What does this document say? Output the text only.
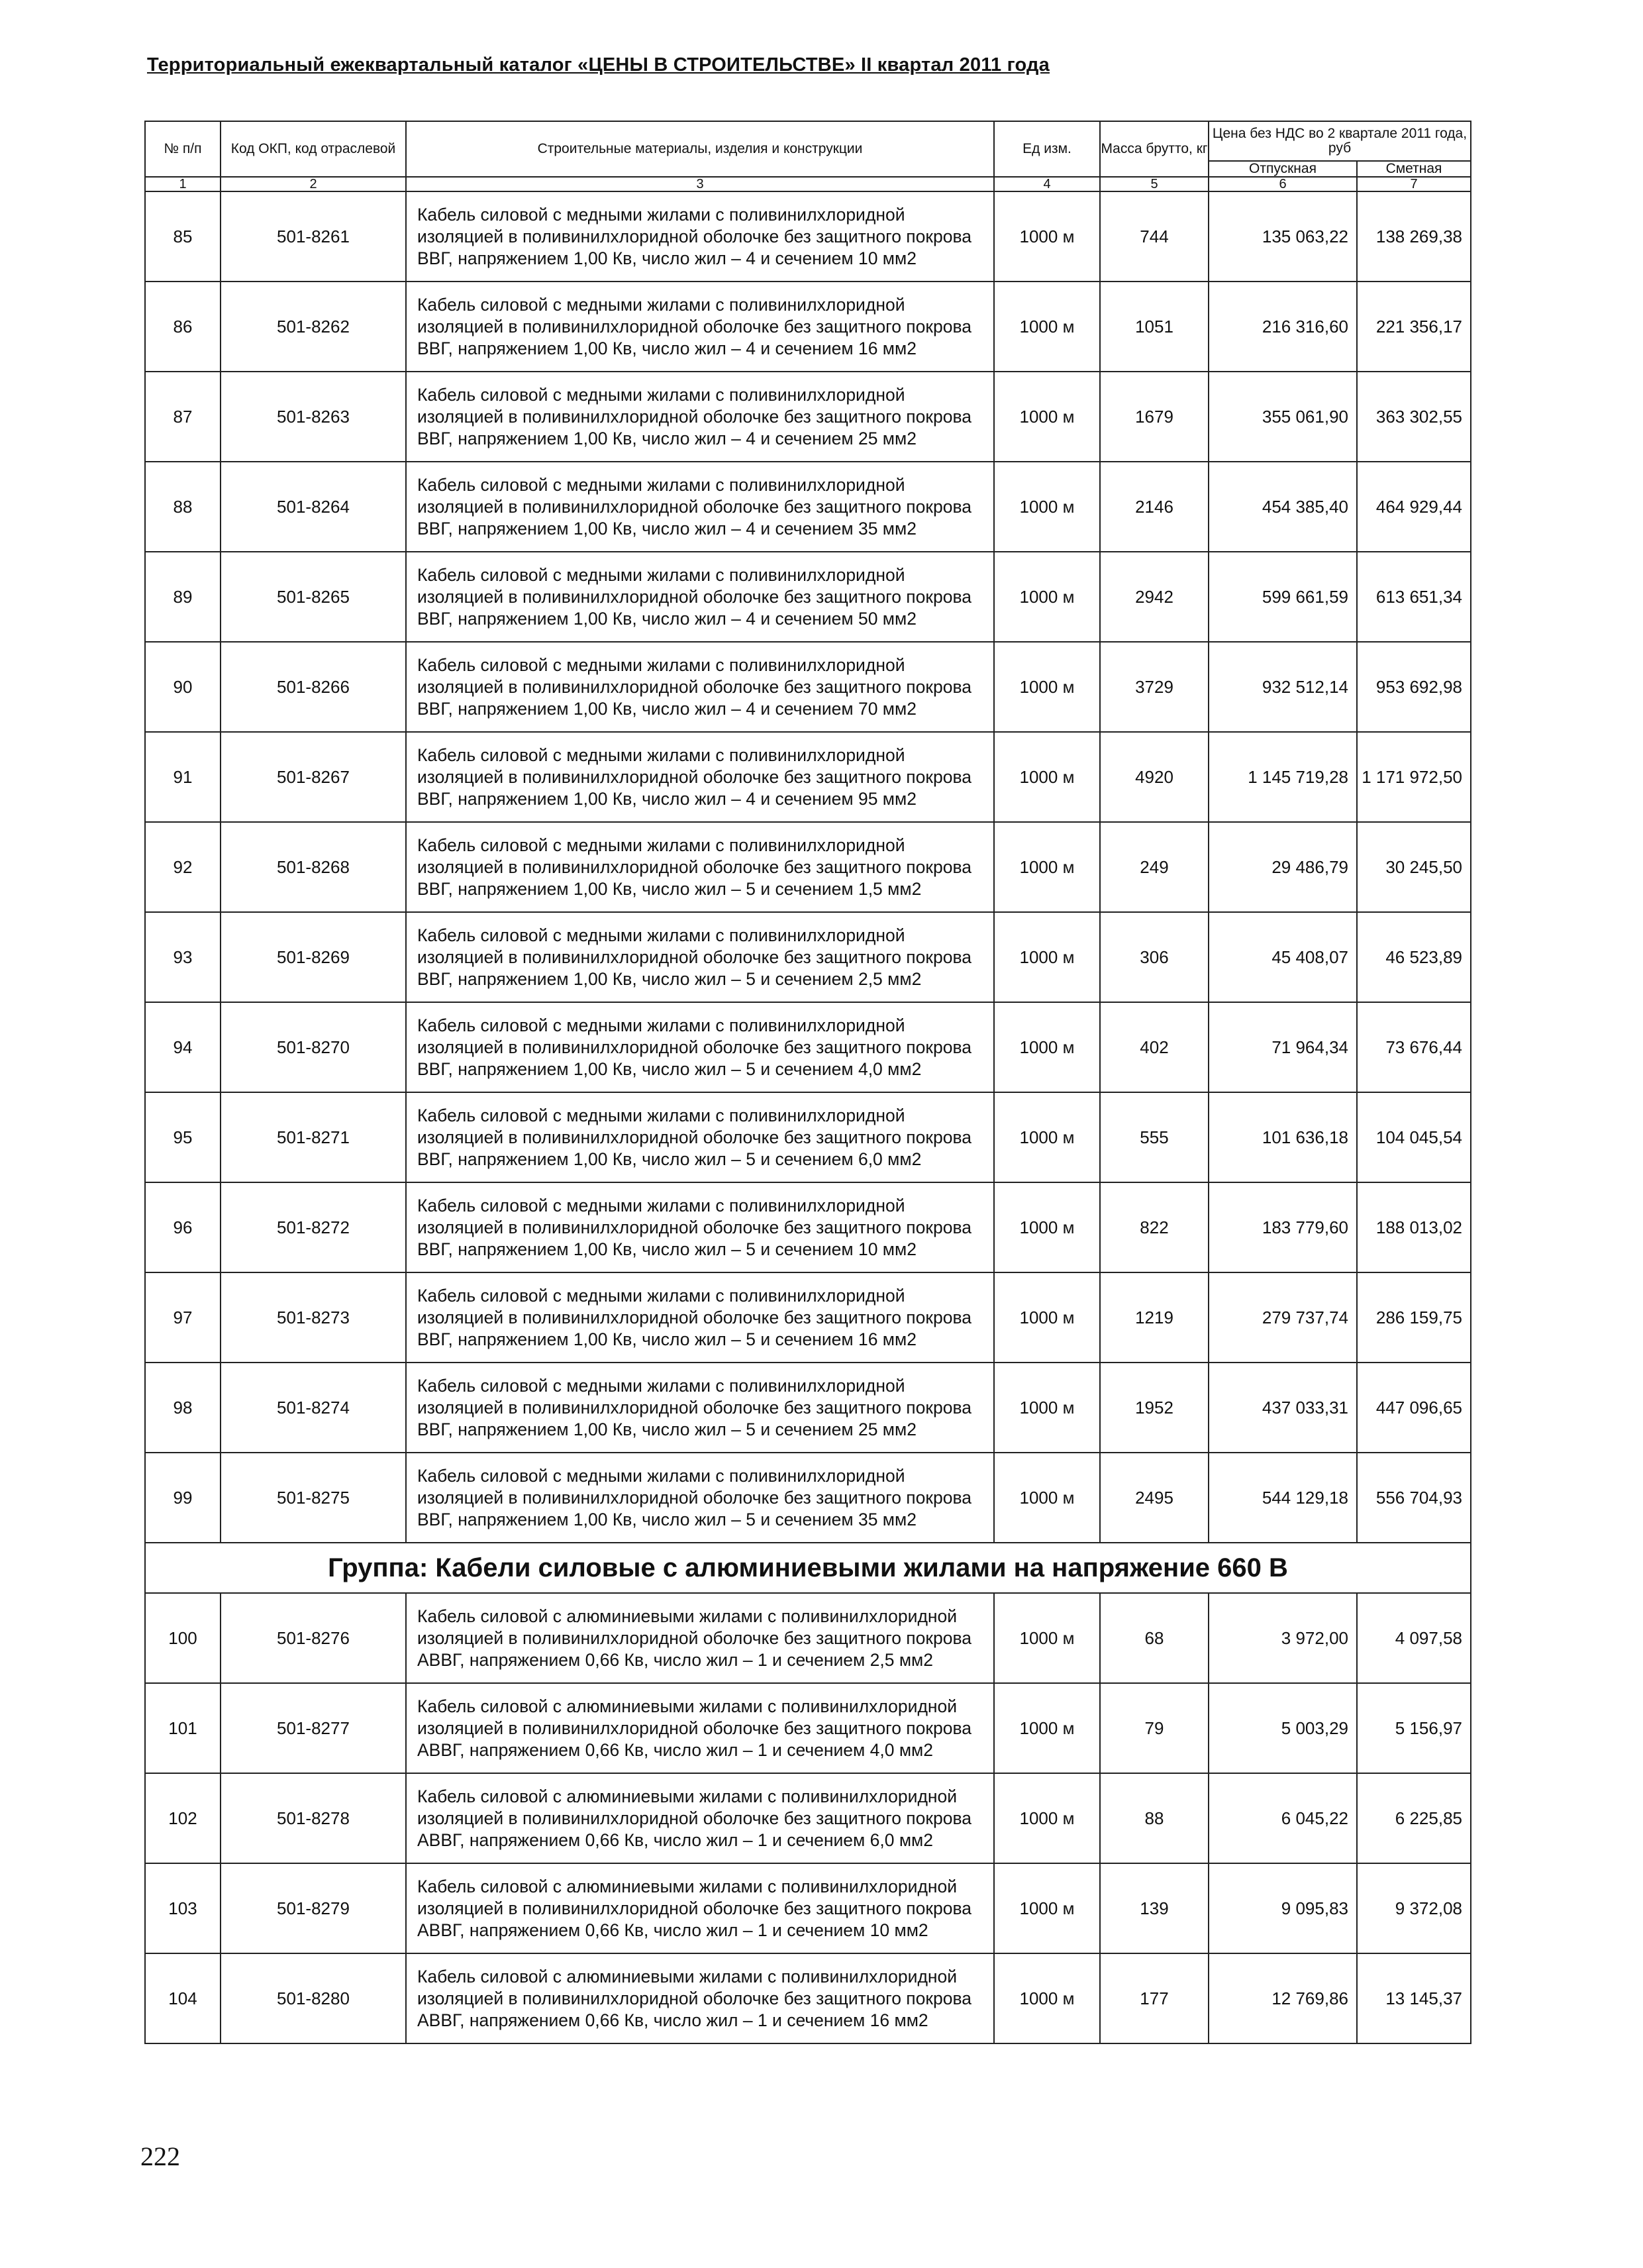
Территориальный ежеквартальный каталог «ЦЕНЫ В СТРОИТЕЛЬСТВЕ» II квартал 2011 года
№ п/п	Код ОКП, код отраслевой	Строительные материалы, изделия и конструкции	Ед изм.	Масса брутто, кг	Цена без НДС во 2 квартале 2011 года, руб	
					Отпускная	Сметная
1	2	3	4	5	6	7
85	501-8261	Кабель силовой с медными жилами с поливинилхлоридной изоляцией в поливинилхлоридной оболочке без защитного покрова ВВГ, напряжением 1,00 Кв, число жил – 4 и сечением 10 мм2	1000 м	744	135 063,22	138 269,38
86	501-8262	Кабель силовой с медными жилами с поливинилхлоридной изоляцией в поливинилхлоридной оболочке без защитного покрова ВВГ, напряжением 1,00 Кв, число жил – 4 и сечением 16 мм2	1000 м	1051	216 316,60	221 356,17
87	501-8263	Кабель силовой с медными жилами с поливинилхлоридной изоляцией в поливинилхлоридной оболочке без защитного покрова ВВГ, напряжением 1,00 Кв, число жил – 4 и сечением 25 мм2	1000 м	1679	355 061,90	363 302,55
88	501-8264	Кабель силовой с медными жилами с поливинилхлоридной изоляцией в поливинилхлоридной оболочке без защитного покрова ВВГ, напряжением 1,00 Кв, число жил – 4 и сечением 35 мм2	1000 м	2146	454 385,40	464 929,44
89	501-8265	Кабель силовой с медными жилами с поливинилхлоридной изоляцией в поливинилхлоридной оболочке без защитного покрова ВВГ, напряжением 1,00 Кв, число жил – 4 и сечением 50 мм2	1000 м	2942	599 661,59	613 651,34
90	501-8266	Кабель силовой с медными жилами с поливинилхлоридной изоляцией в поливинилхлоридной оболочке без защитного покрова ВВГ, напряжением 1,00 Кв, число жил – 4 и сечением 70 мм2	1000 м	3729	932 512,14	953 692,98
91	501-8267	Кабель силовой с медными жилами с поливинилхлоридной изоляцией в поливинилхлоридной оболочке без защитного покрова ВВГ, напряжением 1,00 Кв, число жил – 4 и сечением 95 мм2	1000 м	4920	1 145 719,28	1 171 972,50
92	501-8268	Кабель силовой с медными жилами с поливинилхлоридной изоляцией в поливинилхлоридной оболочке без защитного покрова ВВГ, напряжением 1,00 Кв, число жил – 5 и сечением 1,5 мм2	1000 м	249	29 486,79	30 245,50
93	501-8269	Кабель силовой с медными жилами с поливинилхлоридной изоляцией в поливинилхлоридной оболочке без защитного покрова ВВГ, напряжением 1,00 Кв, число жил – 5 и сечением 2,5 мм2	1000 м	306	45 408,07	46 523,89
94	501-8270	Кабель силовой с медными жилами с поливинилхлоридной изоляцией в поливинилхлоридной оболочке без защитного покрова ВВГ, напряжением 1,00 Кв, число жил – 5 и сечением 4,0 мм2	1000 м	402	71 964,34	73 676,44
95	501-8271	Кабель силовой с медными жилами с поливинилхлоридной изоляцией в поливинилхлоридной оболочке без защитного покрова ВВГ, напряжением 1,00 Кв, число жил – 5 и сечением 6,0 мм2	1000 м	555	101 636,18	104 045,54
96	501-8272	Кабель силовой с медными жилами с поливинилхлоридной изоляцией в поливинилхлоридной оболочке без защитного покрова ВВГ, напряжением 1,00 Кв, число жил – 5 и сечением 10 мм2	1000 м	822	183 779,60	188 013,02
97	501-8273	Кабель силовой с медными жилами с поливинилхлоридной изоляцией в поливинилхлоридной оболочке без защитного покрова ВВГ, напряжением 1,00 Кв, число жил – 5 и сечением 16 мм2	1000 м	1219	279 737,74	286 159,75
98	501-8274	Кабель силовой с медными жилами с поливинилхлоридной изоляцией в поливинилхлоридной оболочке без защитного покрова ВВГ, напряжением 1,00 Кв, число жил – 5 и сечением 25 мм2	1000 м	1952	437 033,31	447 096,65
99	501-8275	Кабель силовой с медными жилами с поливинилхлоридной изоляцией в поливинилхлоридной оболочке без защитного покрова ВВГ, напряжением 1,00 Кв, число жил – 5 и сечением 35 мм2	1000 м	2495	544 129,18	556 704,93
Группа: Кабели силовые с алюминиевыми жилами на напряжение 660 В						
100	501-8276	Кабель силовой с алюминиевыми жилами с поливинилхлоридной изоляцией в поливинилхлоридной оболочке без защитного покрова АВВГ, напряжением 0,66 Кв, число жил – 1 и сечением 2,5 мм2	1000 м	68	3 972,00	4 097,58
101	501-8277	Кабель силовой с алюминиевыми жилами с поливинилхлоридной изоляцией в поливинилхлоридной оболочке без защитного покрова АВВГ, напряжением 0,66 Кв, число жил – 1 и сечением 4,0 мм2	1000 м	79	5 003,29	5 156,97
102	501-8278	Кабель силовой с алюминиевыми жилами с поливинилхлоридной изоляцией в поливинилхлоридной оболочке без защитного покрова АВВГ, напряжением 0,66 Кв, число жил – 1 и сечением 6,0 мм2	1000 м	88	6 045,22	6 225,85
103	501-8279	Кабель силовой с алюминиевыми жилами с поливинилхлоридной изоляцией в поливинилхлоридной оболочке без защитного покрова АВВГ, напряжением 0,66 Кв, число жил – 1 и сечением 10 мм2	1000 м	139	9 095,83	9 372,08
104	501-8280	Кабель силовой с алюминиевыми жилами с поливинилхлоридной изоляцией в поливинилхлоридной оболочке без защитного покрова АВВГ, напряжением 0,66 Кв, число жил – 1 и сечением 16 мм2	1000 м	177	12 769,86	13 145,37
222
